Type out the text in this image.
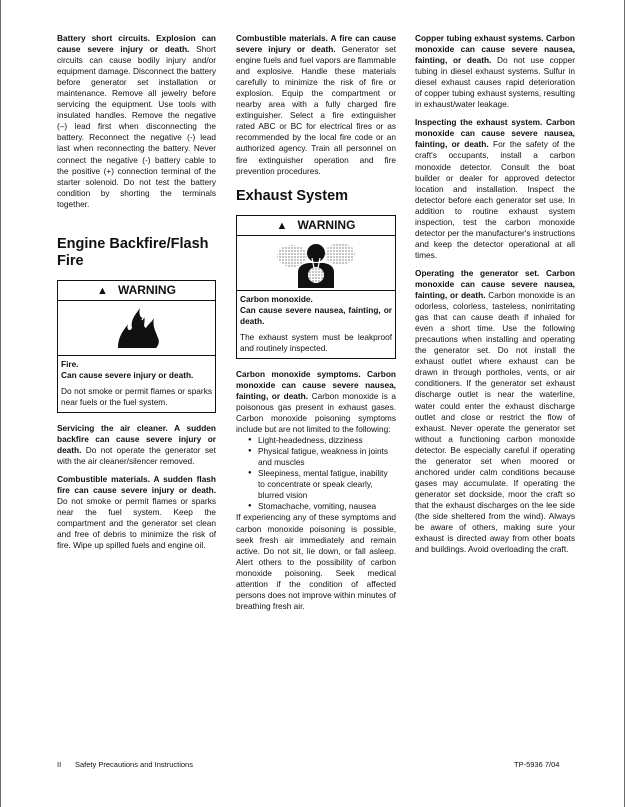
Battery short circuits. Explosion can cause severe injury or death. Short circuits can cause bodily injury and/or equipment damage. Disconnect the battery before generator set installation or maintenance. Remove all jewelry before servicing the equipment. Use tools with insulated handles. Remove the negative (–) lead first when disconnecting the battery. Reconnect the negative (-) lead last when reconnecting the battery. Never connect the negative (-) battery cable to the positive (+) connection terminal of the starter solenoid. Do not test the battery condition by shorting the terminals together.

Engine Backfire/Flash Fire
▲ WARNING
Fire.
Can cause severe injury or death.
Do not smoke or permit flames or sparks near fuels or the fuel system.

Servicing the air cleaner. A sudden backfire can cause severe injury or death. Do not operate the generator set with the air cleaner/silencer removed.

Combustible materials. A sudden flash fire can cause severe injury or death. Do not smoke or permit flames or sparks near the fuel system. Keep the compartment and the generator set clean and free of debris to minimize the risk of fire. Wipe up spilled fuels and engine oil.

Combustible materials. A fire can cause severe injury or death. Generator set engine fuels and fuel vapors are flammable and explosive. Handle these materials carefully to minimize the risk of fire or explosion. Equip the compartment or nearby area with a fully charged fire extinguisher. Select a fire extinguisher rated ABC or BC for electrical fires or as recommended by the local fire code or an authorized agency. Train all personnel on fire extinguisher operation and fire prevention procedures.

Exhaust System
▲ WARNING
Carbon monoxide.
Can cause severe nausea, fainting, or death.
The exhaust system must be leakproof and routinely inspected.

Carbon monoxide symptoms. Carbon monoxide can cause severe nausea, fainting, or death. Carbon monoxide is a poisonous gas present in exhaust gases. Carbon monoxide poisoning symptoms include but are not limited to the following:

● Light-headedness, dizziness
● Physical fatigue, weakness in joints and muscles
● Sleepiness, mental fatigue, inability to concentrate or speak clearly, blurred vision
● Stomachache, vomiting, nausea

If experiencing any of these symptoms and carbon monoxide poisoning is possible, seek fresh air immediately and remain active. Do not sit, lie down, or fall asleep. Alert others to the possibility of carbon monoxide poisoning. Seek medical attention if the condition of affected persons does not improve within minutes of breathing fresh air.

Copper tubing exhaust systems. Carbon monoxide can cause severe nausea, fainting, or death. Do not use copper tubing in diesel exhaust systems. Sulfur in diesel exhaust causes rapid deterioration of copper tubing exhaust systems, resulting in exhaust/water leakage.

Inspecting the exhaust system. Carbon monoxide can cause severe nausea, fainting, or death. For the safety of the craft's occupants, install a carbon monoxide detector. Consult the boat builder or dealer for approved detector location and installation. Inspect the detector before each generator set use. In addition to routine exhaust system inspection, test the carbon monoxide detector per the manufacturer's instructions and keep the detector operational at all times.

Operating the generator set. Carbon monoxide can cause severe nausea, fainting, or death. Carbon monoxide is an odorless, colorless, tasteless, nonirritating gas that can cause death if inhaled for even a short time. Use the following precautions when installing and operating the generator set. Do not install the exhaust outlet where exhaust can be drawn in through portholes, vents, or air conditioners. If the generator set exhaust discharge outlet is near the waterline, water could enter the exhaust discharge outlet and close or restrict the flow of exhaust. Never operate the generator set without a functioning carbon monoxide detector. Be especially careful if operating the generator set when moored or anchored under calm conditions because gases may accumulate. If operating the generator set dockside, moor the craft so that the exhaust discharges on the lee side (the side sheltered from the wind). Always be aware of others, making sure your exhaust is directed away from other boats and buildings. Avoid overloading the craft.

II Safety Precautions and Instructions	TP-5936 7/04
